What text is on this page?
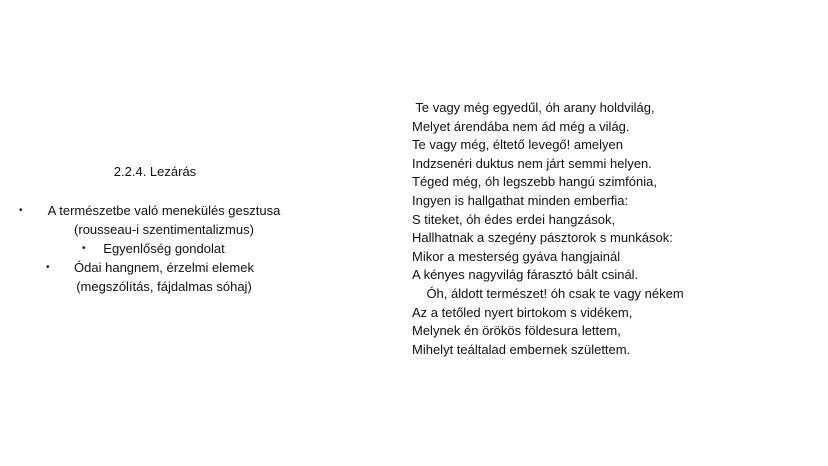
2.2.4. Lezárás
•	A természetbe való menekülés gesztusa
(rousseau-i szentimentalizmus)
•	Egyenlőség gondolat
•	Ódai hangnem, érzelmi elemek
(megszólítás, fájdalmas sóhaj)
Te vagy még egyedűl, óh arany holdvilág,
Melyet árendába nem ád még a világ.
Te vagy még, éltető levegő! amelyen
Indzsenéri duktus nem járt semmi helyen.
Téged még, óh legszebb hangú szimfónia,
Ingyen is hallgathat minden emberfia:
S titeket, óh édes erdei hangzások,
Hallhatnak a szegény pásztorok s munkások:
Mikor a mesterség gyáva hangjainál
A kényes nagyvilág fárasztó bált csinál.
Óh, áldott természet! óh csak te vagy nékem
Az a tetőled nyert birtokom s vidékem,
Melynek én örökös földesura lettem,
Mihelyt teáltalad embernek születtem.
